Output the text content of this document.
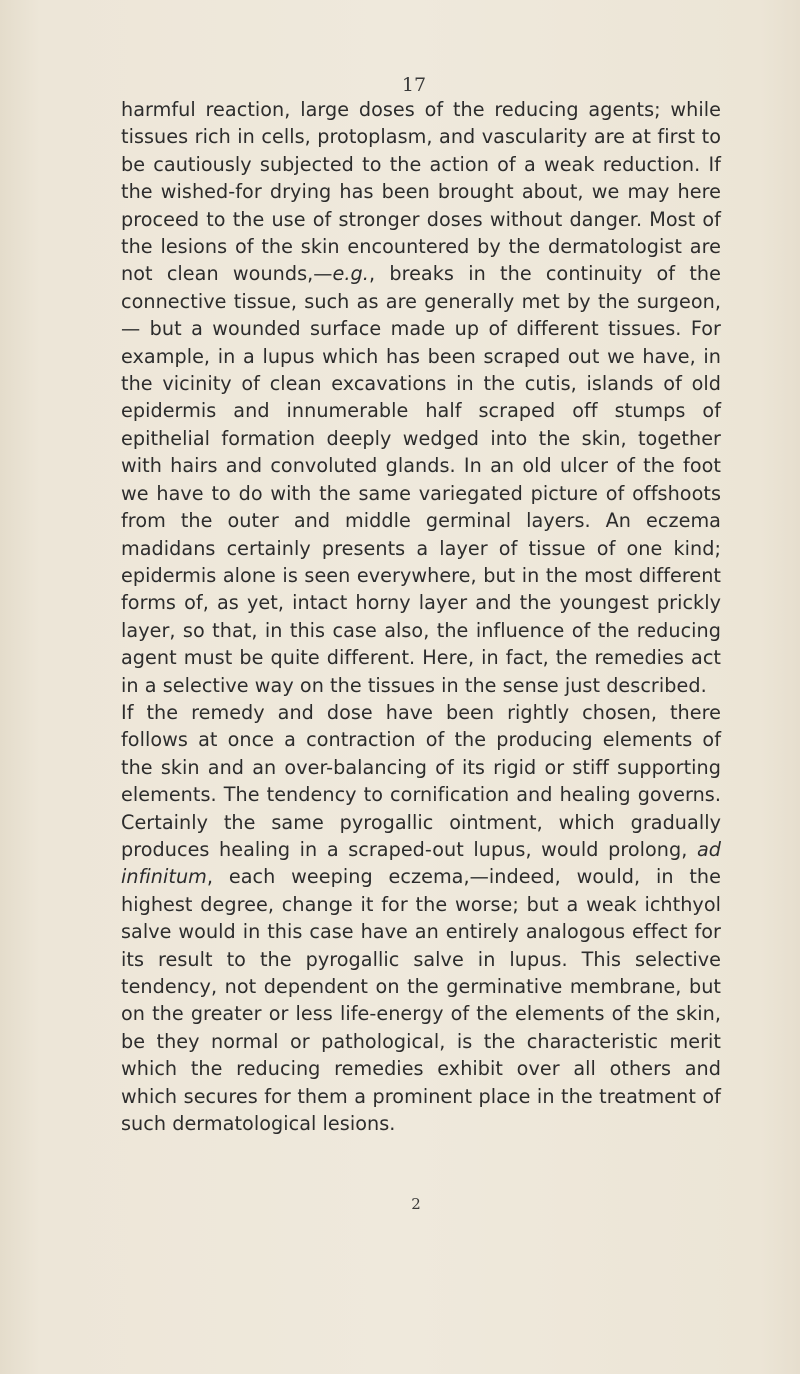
17

harmful reaction, large doses of the reducing agents; while tissues rich in cells, protoplasm, and vascularity are at first to be cautiously subjected to the action of a weak reduction. If the wished-for drying has been brought about, we may here proceed to the use of stronger doses without danger. Most of the lesions of the skin encountered by the dermatologist are not clean wounds,—e.g., breaks in the continuity of the connective tissue, such as are generally met by the surgeon,— but a wounded surface made up of different tissues. For example, in a lupus which has been scraped out we have, in the vicinity of clean excavations in the cutis, islands of old epidermis and innumerable half scraped off stumps of epithelial formation deeply wedged into the skin, together with hairs and convoluted glands. In an old ulcer of the foot we have to do with the same variegated picture of offshoots from the outer and middle germinal layers. An eczema madidans certainly presents a layer of tissue of one kind; epidermis alone is seen everywhere, but in the most different forms of, as yet, intact horny layer and the youngest prickly layer, so that, in this case also, the influence of the reducing agent must be quite different. Here, in fact, the remedies act in a selective way on the tissues in the sense just described.

If the remedy and dose have been rightly chosen, there follows at once a contraction of the producing elements of the skin and an over-balancing of its rigid or stiff supporting elements. The tendency to cornification and healing governs. Certainly the same pyrogallic ointment, which gradually produces healing in a scraped-out lupus, would prolong, ad infinitum, each weeping eczema,—indeed, would, in the highest degree, change it for the worse; but a weak ichthyol salve would in this case have an entirely analogous effect for its result to the pyrogallic salve in lupus. This selective tendency, not dependent on the germinative membrane, but on the greater or less life-energy of the elements of the skin, be they normal or pathological, is the characteristic merit which the reducing remedies exhibit over all others and which secures for them a prominent place in the treatment of such dermatological lesions.

2
